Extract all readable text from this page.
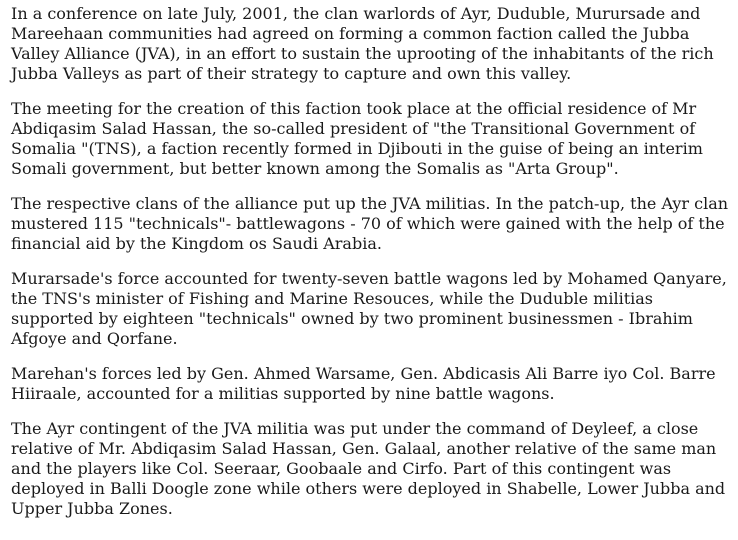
In a conference on late July, 2001, the clan warlords of Ayr, Duduble, Murursade and Mareehaan communities had agreed on forming a common faction called the Jubba Valley Alliance (JVA), in an effort to sustain the uprooting of the inhabitants of the rich Jubba Valleys as part of their strategy to capture and own this valley.

The meeting for the creation of this faction took place at the official residence of Mr Abdiqasim Salad Hassan, the so-called president of "the Transitional Government of Somalia "(TNS), a faction recently formed in Djibouti in the guise of being an interim Somali government, but better known among the Somalis as "Arta Group".

The respective clans of the alliance put up the JVA militias. In the patch-up, the Ayr clan mustered 115 "technicals"- battlewagons - 70 of which were gained with the help of the financial aid by the Kingdom os Saudi Arabia.

Murarsade's force accounted for twenty-seven battle wagons led by Mohamed Qanyare, the TNS's minister of Fishing and Marine Resouces, while the Duduble militias supported by eighteen "technicals" owned by two prominent businessmen - Ibrahim Afgoye and Qorfane.

Marehan's forces led by Gen. Ahmed Warsame, Gen. Abdicasis Ali Barre iyo Col. Barre Hiiraale, accounted for a militias supported by nine battle wagons.

The Ayr contingent of the JVA militia was put under the command of Deyleef, a close relative of Mr. Abdiqasim Salad Hassan, Gen. Galaal, another relative of the same man and the players like Col. Seeraar, Goobaale and Cirfo. Part of this contingent was deployed in Balli Doogle zone while others were deployed in Shabelle, Lower Jubba and Upper Jubba Zones.
